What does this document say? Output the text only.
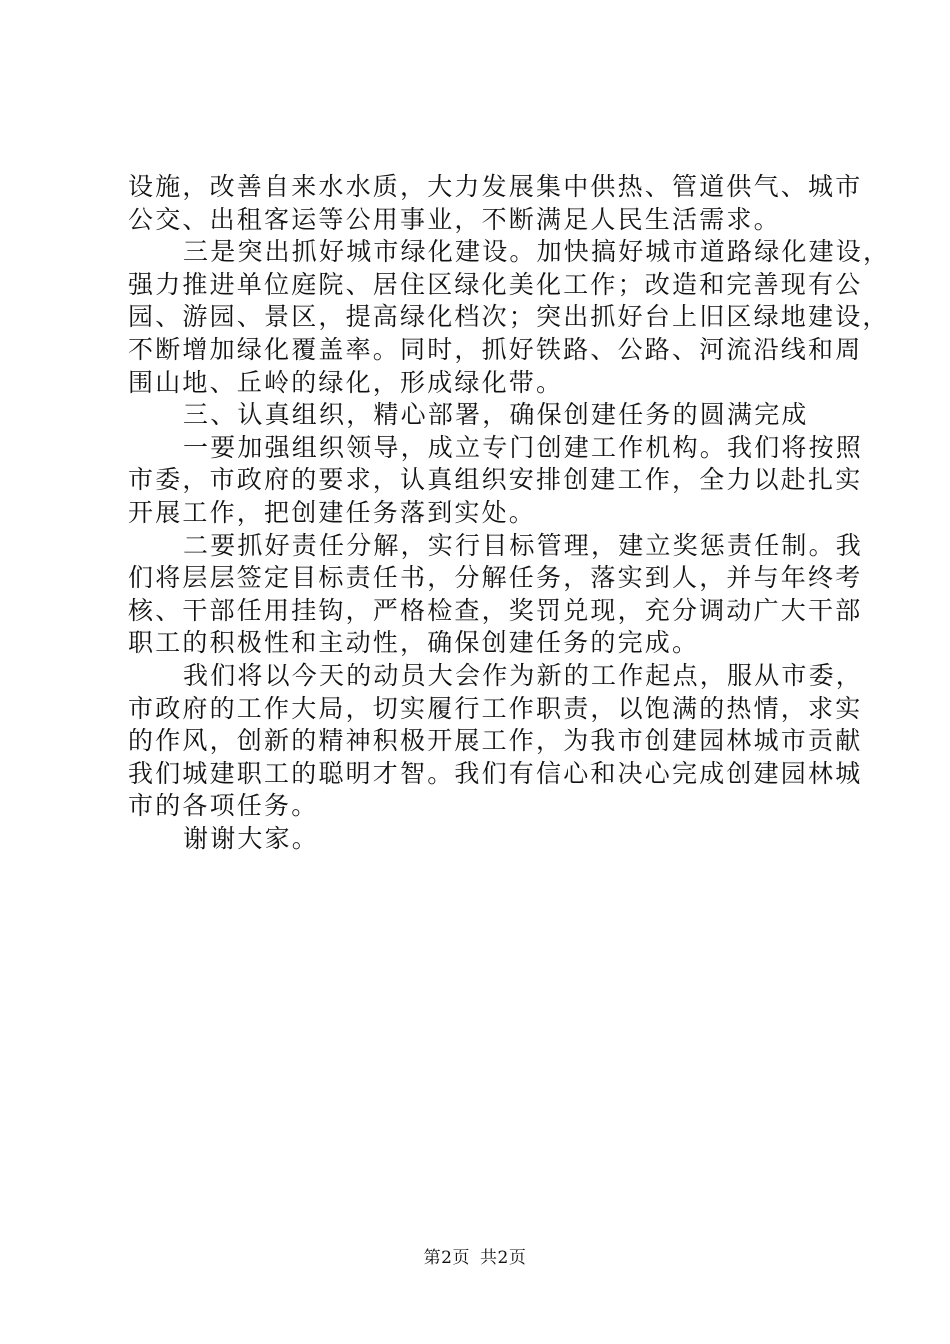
设施，改善自来水水质，大力发展集中供热、管道供气、城市
公交、出租客运等公用事业，不断满足人民生活需求。
三是突出抓好城市绿化建设。加快搞好城市道路绿化建设，
强力推进单位庭院、居住区绿化美化工作；改造和完善现有公
园、游园、景区，提高绿化档次；突出抓好台上旧区绿地建设，
不断增加绿化覆盖率。同时，抓好铁路、公路、河流沿线和周
围山地、丘岭的绿化，形成绿化带。
三、认真组织，精心部署，确保创建任务的圆满完成
一要加强组织领导，成立专门创建工作机构。我们将按照
市委，市政府的要求，认真组织安排创建工作，全力以赴扎实
开展工作，把创建任务落到实处。
二要抓好责任分解，实行目标管理，建立奖惩责任制。我
们将层层签定目标责任书，分解任务，落实到人，并与年终考
核、干部任用挂钩，严格检查，奖罚兑现，充分调动广大干部
职工的积极性和主动性，确保创建任务的完成。
我们将以今天的动员大会作为新的工作起点，服从市委，
市政府的工作大局，切实履行工作职责，以饱满的热情，求实
的作风，创新的精神积极开展工作，为我市创建园林城市贡献
我们城建职工的聪明才智。我们有信心和决心完成创建园林城
市的各项任务。
谢谢大家。
第2页 共2页
